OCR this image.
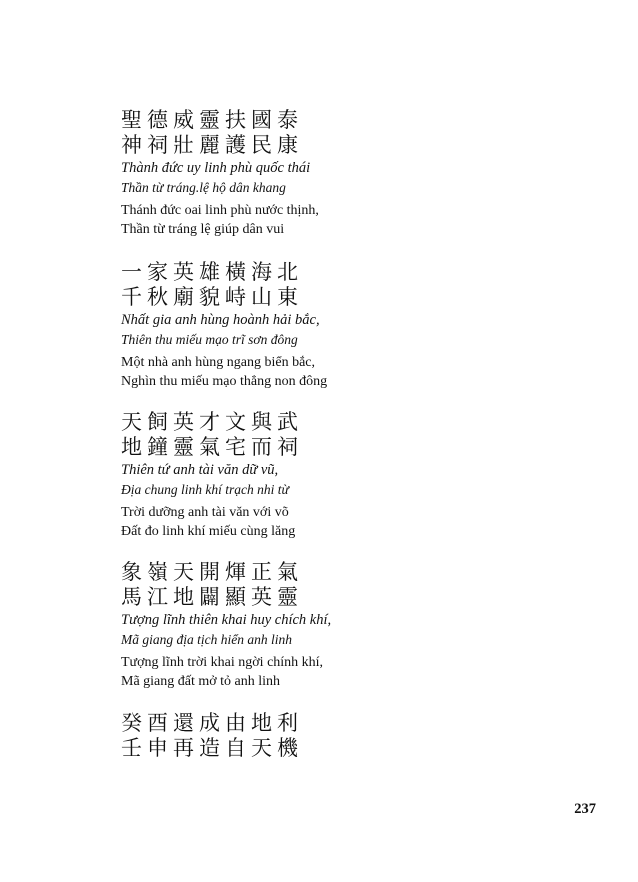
聖德威靈扶國泰

神祠壯麗護民康

Thành đức uy linh phù quốc thái

Thần từ tráng.lệ hộ dân khang

Thánh đức oai linh phù nước thịnh,

Thần từ tráng lệ giúp dân vui

一家英雄橫海北

千秋廟貌峙山東

Nhất gia anh hùng hoành hải bắc,

Thiên thu miếu mạo trĩ sơn đông

Một nhà anh hùng ngang biển bắc,

Nghìn thu miếu mạo thẳng non đông

天飼英才文與武

地鐘靈氣宅而祠

Thiên tứ anh tài văn dữ vũ,

Địa chung linh khí trạch nhi từ

Trời dưỡng anh tài văn với võ

Đất đo linh khí miếu cùng lăng

象嶺天開煇正氣

馬江地闢顯英靈

Tượng lĩnh thiên khai huy chích khí,

Mã giang địa tịch hiển anh linh

Tượng lĩnh trời khai ngời chính khí,

Mã giang đất mở tỏ anh linh

癸酉還成由地利

壬申再造自天機

237
